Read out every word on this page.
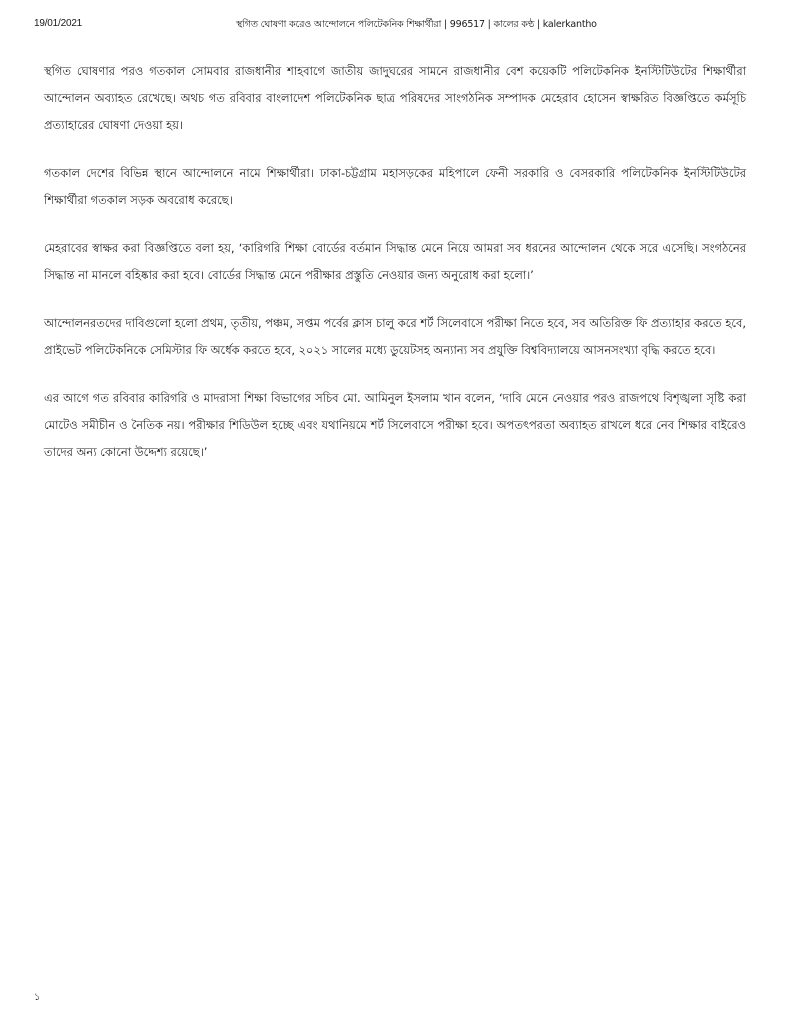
19/01/2021	স্থগিত ঘোষণা করেও আন্দোলনে পলিটেকনিক শিক্ষার্থীরা | 996517 | কালের কণ্ঠ | kalerkantho

স্থগিত ঘোষণার পরও গতকাল সোমবার রাজধানীর শাহবাগে জাতীয় জাদুঘরের সামনে রাজধানীর বেশ কয়েকটি পলিটেকনিক ইনস্টিটিউটের শিক্ষার্থীরা আন্দোলন অব্যাহত রেখেছে। অথচ গত রবিবার বাংলাদেশ পলিটেকনিক ছাত্র পরিষদের সাংগঠনিক সম্পাদক মেহেরাব হোসেন স্বাক্ষরিত বিজ্ঞপ্তিতে কর্মসূচি প্রত্যাহারের ঘোষণা দেওয়া হয়।

গতকাল দেশের বিভিন্ন স্থানে আন্দোলনে নামে শিক্ষার্থীরা। ঢাকা-চট্টগ্রাম মহাসড়কের মহিপালে ফেনী সরকারি ও বেসরকারি পলিটেকনিক ইনস্টিটিউটের শিক্ষার্থীরা গতকাল সড়ক অবরোধ করেছে।

মেহরাবের স্বাক্ষর করা বিজ্ঞপ্তিতে বলা হয়, ‘কারিগরি শিক্ষা বোর্ডের বর্তমান সিদ্ধান্ত মেনে নিয়ে আমরা সব ধরনের আন্দোলন থেকে সরে এসেছি। সংগঠনের সিদ্ধান্ত না মানলে বহিষ্কার করা হবে। বোর্ডের সিদ্ধান্ত মেনে পরীক্ষার প্রস্তুতি নেওয়ার জন্য অনুরোধ করা হলো।’

আন্দোলনরতদের দাবিগুলো হলো প্রথম, তৃতীয়, পঞ্চম, সপ্তম পর্বের ক্লাস চালু করে শর্ট সিলেবাসে পরীক্ষা নিতে হবে, সব অতিরিক্ত ফি প্রত্যাহার করতে হবে, প্রাইভেট পলিটেকনিকে সেমিস্টার ফি অর্ধেক করতে হবে, ২০২১ সালের মধ্যে ডুয়েটসহ অন্যান্য সব প্রযুক্তি বিশ্ববিদ্যালয়ে আসনসংখ্যা বৃদ্ধি করতে হবে।

এর আগে গত রবিবার কারিগরি ও মাদরাসা শিক্ষা বিভাগের সচিব মো. আমিনুল ইসলাম খান বলেন, ‘দাবি মেনে নেওয়ার পরও রাজপথে বিশৃঙ্খলা সৃষ্টি করা মোটেও সমীচীন ও নৈতিক নয়। পরীক্ষার শিডিউল হচ্ছে এবং যথানিয়মে শর্ট সিলেবাসে পরীক্ষা হবে। অপতৎপরতা অব্যাহত রাখলে ধরে নেব শিক্ষার বাইরেও তাদের অন্য কোনো উদ্দেশ্য রয়েছে।’

১
